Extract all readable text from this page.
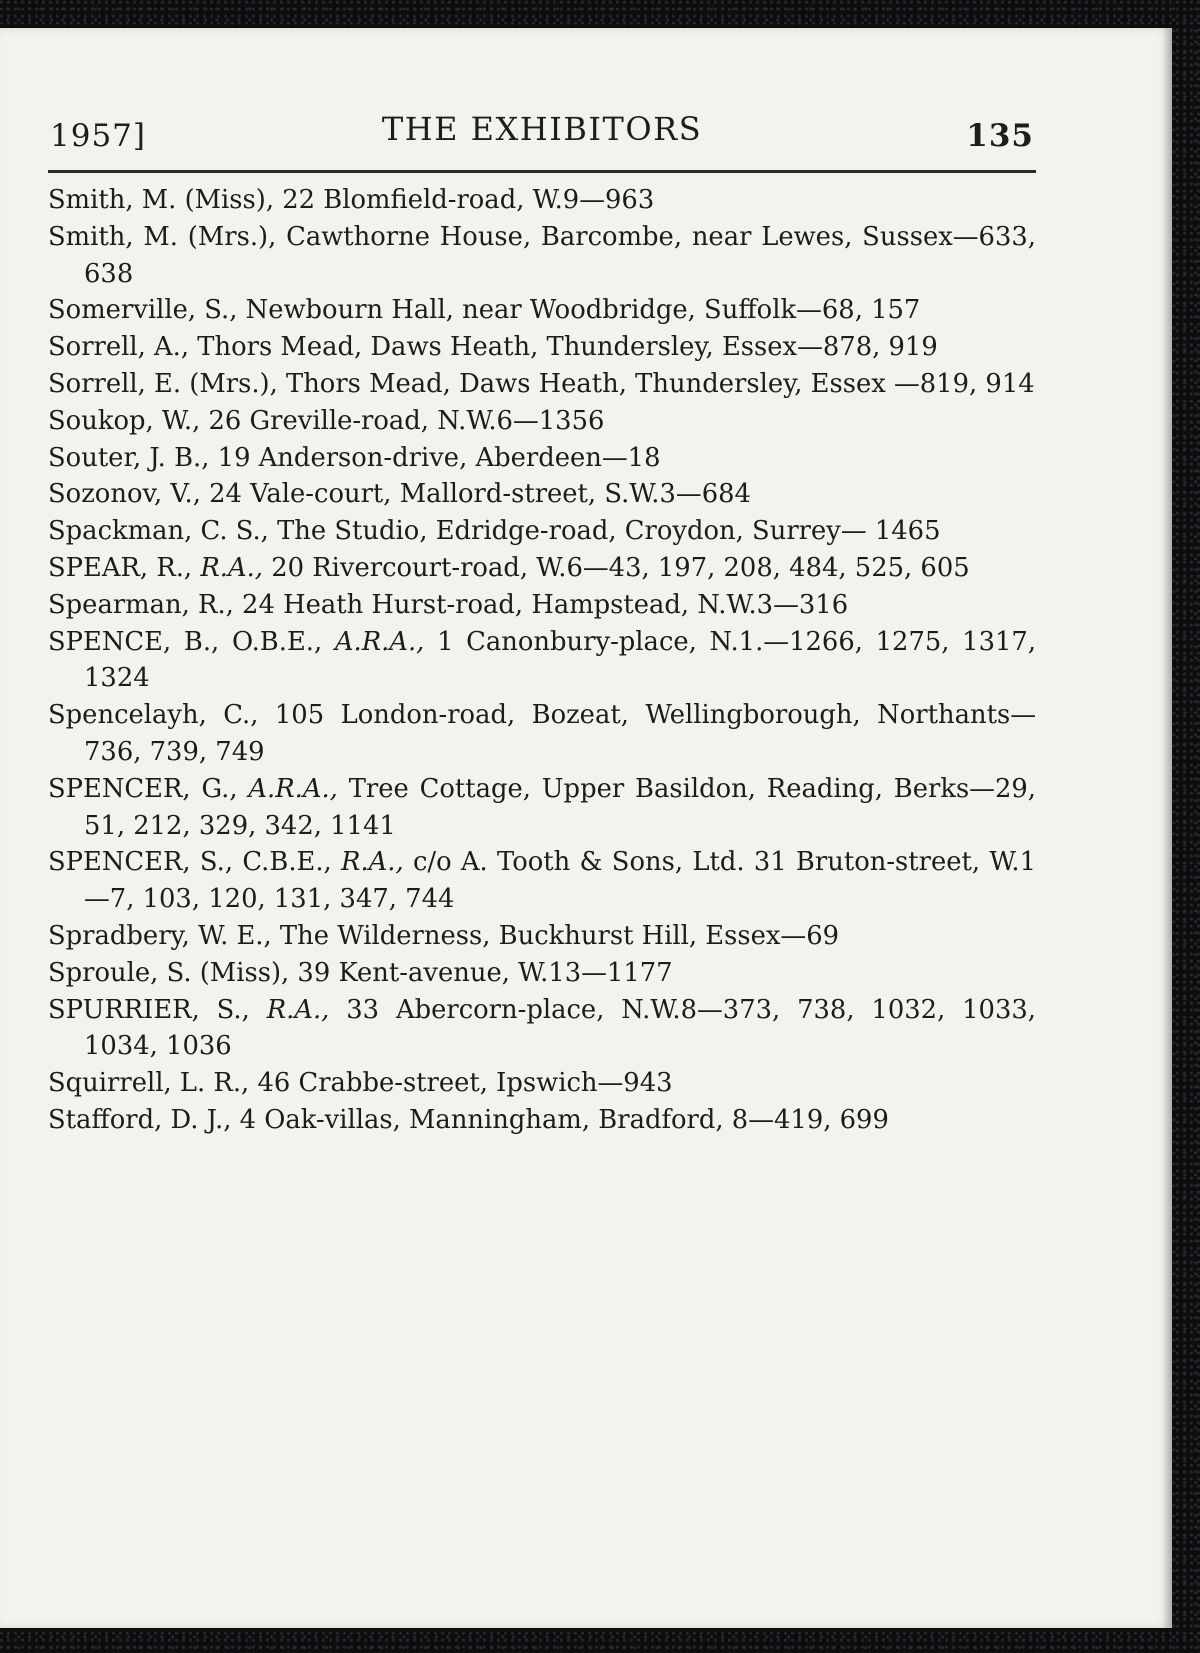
1957]	THE EXHIBITORS	135
Smith, M. (Miss), 22 Blomfield-road, W.9—963
Smith, M. (Mrs.), Cawthorne House, Barcombe, near Lewes, Sussex—633, 638
Somerville, S., Newbourn Hall, near Woodbridge, Suffolk—68, 157
Sorrell, A., Thors Mead, Daws Heath, Thundersley, Essex—878, 919
Sorrell, E. (Mrs.), Thors Mead, Daws Heath, Thundersley, Essex —819, 914
Soukop, W., 26 Greville-road, N.W.6—1356
Souter, J. B., 19 Anderson-drive, Aberdeen—18
Sozonov, V., 24 Vale-court, Mallord-street, S.W.3—684
Spackman, C. S., The Studio, Edridge-road, Croydon, Surrey— 1465
SPEAR, R., R.A., 20 Rivercourt-road, W.6—43, 197, 208, 484, 525, 605
Spearman, R., 24 Heath Hurst-road, Hampstead, N.W.3—316
SPENCE, B., O.B.E., A.R.A., 1 Canonbury-place, N.1.—1266, 1275, 1317, 1324
Spencelayh, C., 105 London-road, Bozeat, Wellingborough, Northants—736, 739, 749
SPENCER, G., A.R.A., Tree Cottage, Upper Basildon, Reading, Berks—29, 51, 212, 329, 342, 1141
SPENCER, S., C.B.E., R.A., c/o A. Tooth & Sons, Ltd. 31 Bruton-street, W.1—7, 103, 120, 131, 347, 744
Spradbery, W. E., The Wilderness, Buckhurst Hill, Essex—69
Sproule, S. (Miss), 39 Kent-avenue, W.13—1177
SPURRIER, S., R.A., 33 Abercorn-place, N.W.8—373, 738, 1032, 1033, 1034, 1036
Squirrell, L. R., 46 Crabbe-street, Ipswich—943
Stafford, D. J., 4 Oak-villas, Manningham, Bradford, 8—419, 699
